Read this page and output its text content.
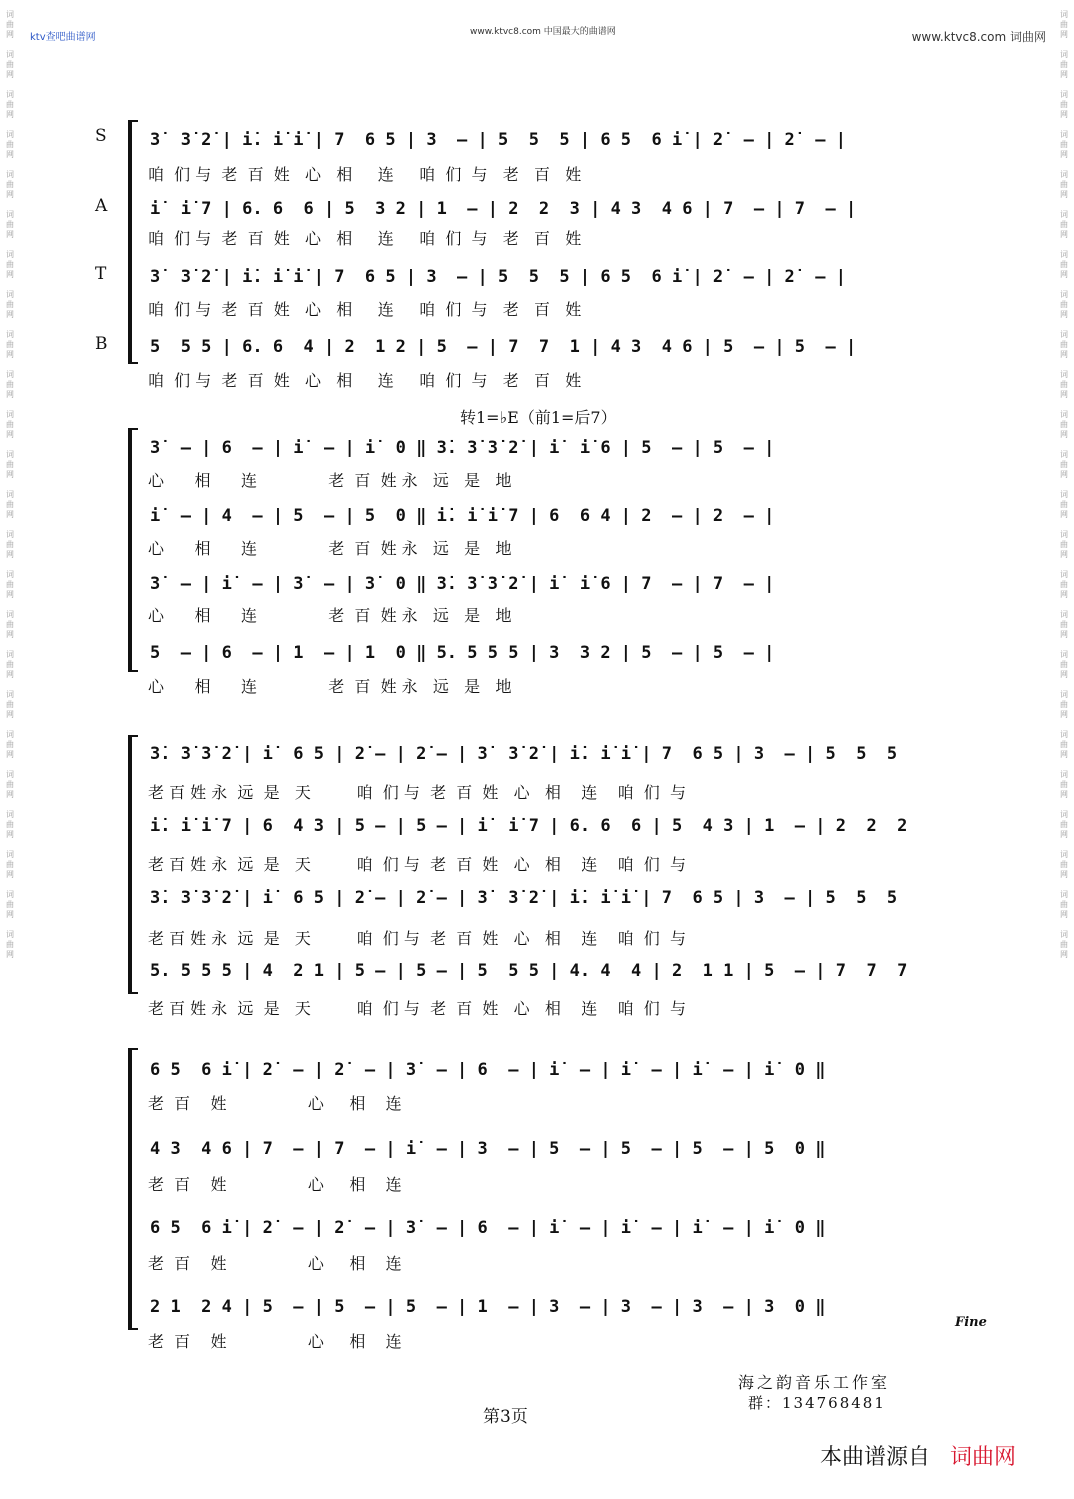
ktv查吧曲谱网	www.ktvc8.com 中国最大的曲谱网	www.ktvc8.com 词曲网
词
曲
网

词
曲
网

词
曲
网

词
曲
网

词
曲
网

词
曲
网

词
曲
网

词
曲
网

词
曲
网

词
曲
网

词
曲
网

词
曲
网

词
曲
网

词
曲
网

词
曲
网

词
曲
网

词
曲
网

词
曲
网

词
曲
网

词
曲
网

词
曲
网

词
曲
网

词
曲
网

词
曲
网
词
曲
网

词
曲
网

词
曲
网

词
曲
网

词
曲
网

词
曲
网

词
曲
网

词
曲
网

词
曲
网

词
曲
网

词
曲
网

词
曲
网

词
曲
网

词
曲
网

词
曲
网

词
曲
网

词
曲
网

词
曲
网

词
曲
网

词
曲
网

词
曲
网

词
曲
网

词
曲
网

词
曲
网
S
A
T
B
转1=♭E（前1=后7）
3̇  3̇ 2̇ | i̇. i̇ i̇ | 7  6 5 | 3  – | 5  5  5 | 6 5  6 i̇ | 2̇  – | 2̇  – |
咱  们 与  老  百  姓   心   相     连     咱  们  与   老   百   姓
i̇  i̇ 7 | 6. 6  6 | 5  3 2 | 1  – | 2  2  3 | 4 3  4 6 | 7  – | 7  – |
咱  们 与  老  百  姓   心   相     连     咱  们  与   老   百   姓
3̇  3̇ 2̇ | i̇. i̇ i̇ | 7  6 5 | 3  – | 5  5  5 | 6 5  6 i̇ | 2̇  – | 2̇  – |
咱  们 与  老  百  姓   心   相     连     咱  们  与   老   百   姓
5  5 5 | 6. 6  4 | 2  1 2 | 5  – | 7  7  1 | 4 3  4 6 | 5  – | 5  – |
咱  们 与  老  百  姓   心   相     连     咱  们  与   老   百   姓
3̇  – | 6  – | i̇  – | i̇  0 ‖ 3̇. 3̇ 3̇ 2̇ | i̇  i̇ 6 | 5  – | 5  – |
心      相      连              老  百  姓 永   远   是   地
i̇  – | 4  – | 5  – | 5  0 ‖ i̇. i̇ i̇ 7 | 6  6 4 | 2  – | 2  – |
心      相      连              老  百  姓 永   远   是   地
3̇  – | i̇  – | 3̇  – | 3̇  0 ‖ 3̇. 3̇ 3̇ 2̇ | i̇  i̇ 6 | 7  – | 7  – |
心      相      连              老  百  姓 永   远   是   地
5  – | 6  – | 1  – | 1  0 ‖ 5. 5 5 5 | 3  3 2 | 5  – | 5  – |
心      相      连              老  百  姓 永   远   是   地
3̇. 3̇ 3̇ 2̇ | i̇  6 5 | 2̇ – | 2̇ – | 3̇  3̇ 2̇ | i̇. i̇ i̇ | 7  6 5 | 3  – | 5  5  5
老 百 姓 永  远  是   天         咱  们 与  老  百  姓   心   相    连    咱  们  与
i̇. i̇ i̇ 7 | 6  4 3 | 5 – | 5 – | i̇  i̇ 7 | 6. 6  6 | 5  4 3 | 1  – | 2  2  2
老 百 姓 永  远  是   天         咱  们 与  老  百  姓   心   相    连    咱  们  与
3̇. 3̇ 3̇ 2̇ | i̇  6 5 | 2̇ – | 2̇ – | 3̇  3̇ 2̇ | i̇. i̇ i̇ | 7  6 5 | 3  – | 5  5  5
老 百 姓 永  远  是   天         咱  们 与  老  百  姓   心   相    连    咱  们  与
5. 5 5 5 | 4  2 1 | 5 – | 5 – | 5  5 5 | 4. 4  4 | 2  1 1 | 5  – | 7  7  7
老 百 姓 永  远  是   天         咱  们 与  老  百  姓   心   相    连    咱  们  与
6 5  6 i̇ | 2̇  – | 2̇  – | 3̇  – | 6  – | i̇  – | i̇  – | i̇  – | i̇  0 ‖
老  百    姓                心     相    连
4 3  4 6 | 7  – | 7  – | i̇  – | 3  – | 5  – | 5  – | 5  – | 5  0 ‖
老  百    姓                心     相    连
6 5  6 i̇ | 2̇  – | 2̇  – | 3̇  – | 6  – | i̇  – | i̇  – | i̇  – | i̇  0 ‖
老  百    姓                心     相    连
2 1  2 4 | 5  – | 5  – | 5  – | 1  – | 3  – | 3  – | 3  – | 3  0 ‖
老  百    姓                心     相    连
Fine
海之韵音乐工作室
群：134768481
第3页
本曲谱源自 词曲网
